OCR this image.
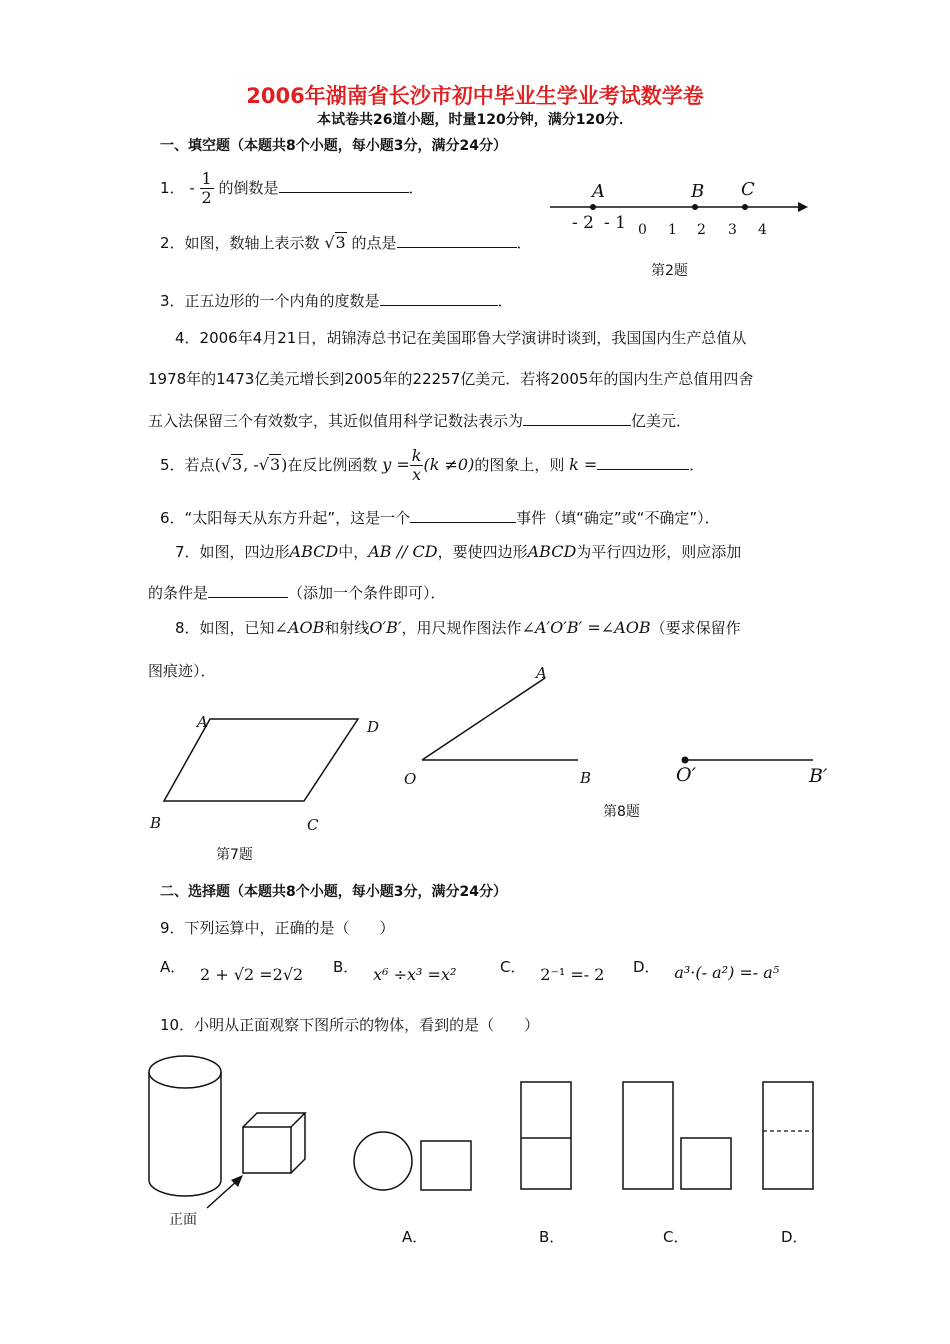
2006年湖南省长沙市初中毕业生学业考试数学卷
本试卷共26道小题，时量120分钟，满分120分．
一、填空题（本题共8个小题，每小题3分，满分24分）
1． - $\frac{1}{2}$ 的倒数是	．
2．如图，数轴上表示数 √3 的点是	．
A	B C
- 2 - 1 0 1 2 3 4
第2题
3．正五边形的一个内角的度数是	．
4．2006年4月21日，胡锦涛总书记在美国耶鲁大学演讲时谈到，我国国内生产总值从
1978年的1473亿美元增长到2005年的22257亿美元．若将2005年的国内生产总值用四舍
五入法保留三个有效数字，其近似值用科学记数法表示为	亿美元．
5．若点(√3, -√3)在反比例函数 $y = \frac{k}{x} (k \ne 0)$的图象上，则 k =	．
6．“太阳每天从东方升起”，这是一个	事件（填“确定”或“不确定”）．
7．如图，四边形ABCD中，AB // CD，要使四边形ABCD为平行四边形，则应添加
的条件是	（添加一个条件即可）．
8．如图，已知∠AOB和射线O′B′，用尺规作图法作∠A′O′B′ =∠AOB（要求保留作
图痕迹）．
A	D
B	C
第7题
A
O	B	O′	B′
第8题
二、选择题（本题共8个小题，每小题3分，满分24分）
9．下列运算中，正确的是（　　）
A． 2 + √2 =2√2 B． x⁶ ÷x³ =x²	C． 2⁻¹ =- 2 D． a³·(- a²) =- a⁵
10．小明从正面观察下图所示的物体，看到的是（　　）
正面
A．	B．	C．	D．
